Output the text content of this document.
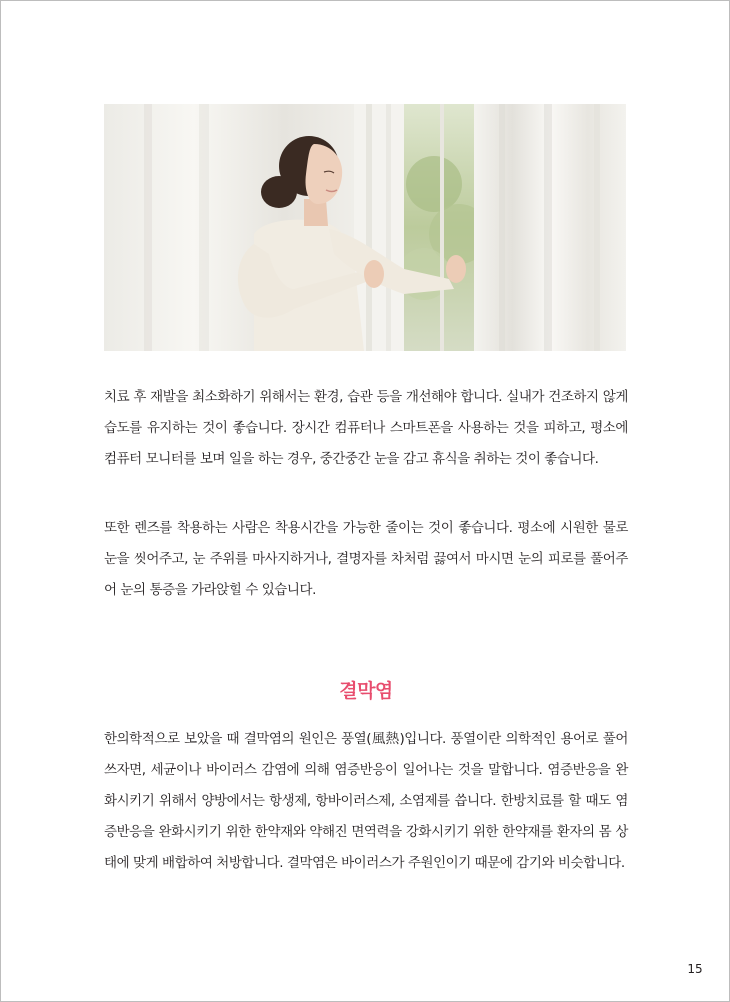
치료 후 재발을 최소화하기 위해서는 환경, 습관 등을 개선해야 합니다. 실내가 건조하지 않게 습도를 유지하는 것이 좋습니다. 장시간 컴퓨터나 스마트폰을 사용하는 것을 피하고, 평소에 컴퓨터 모니터를 보며 일을 하는 경우, 중간중간 눈을 감고 휴식을 취하는 것이 좋습니다.

또한 렌즈를 착용하는 사람은 착용시간을 가능한 줄이는 것이 좋습니다. 평소에 시원한 물로 눈을 씻어주고, 눈 주위를 마사지하거나, 결명자를 차처럼 끓여서 마시면 눈의 피로를 풀어주어 눈의 통증을 가라앉힐 수 있습니다.

결막염

한의학적으로 보았을 때 결막염의 원인은 풍열(風熱)입니다. 풍열이란 의학적인 용어로 풀어쓰자면, 세균이나 바이러스 감염에 의해 염증반응이 일어나는 것을 말합니다. 염증반응을 완화시키기 위해서 양방에서는 항생제, 항바이러스제, 소염제를 씁니다. 한방치료를 할 때도 염증반응을 완화시키기 위한 한약재와 약해진 면역력을 강화시키기 위한 한약재를 환자의 몸 상태에 맞게 배합하여 처방합니다. 결막염은 바이러스가 주원인이기 때문에 감기와 비슷합니다.

15
